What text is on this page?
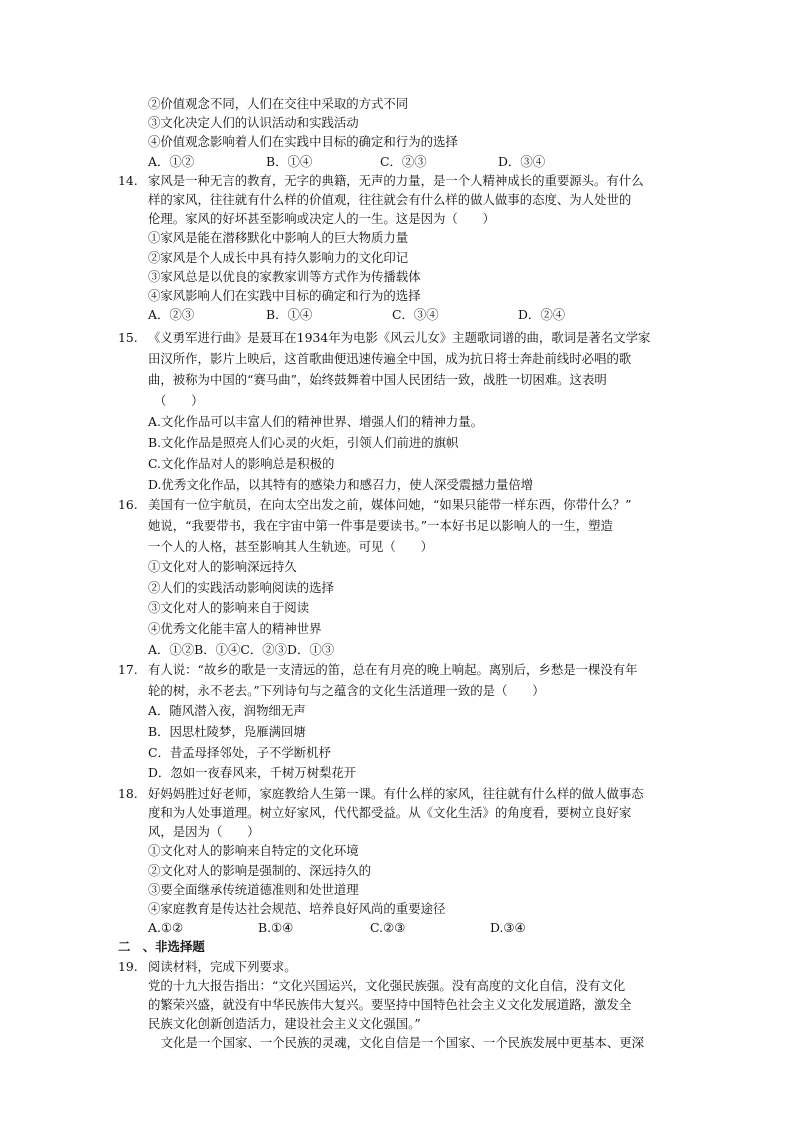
②价值观念不同，人们在交往中采取的方式不同
③文化决定人们的认识活动和实践活动
④价值观念影响着人们在实践中目标的确定和行为的选择
A．①②	B．①④	C．②③	D．③④
14. 家风是一种无言的教育，无字的典籍，无声的力量，是一个人精神成长的重要源头。有什么
样的家风，往往就有什么样的价值观，往往就会有什么样的做人做事的态度、为人处世的
伦理。家风的好坏甚至影响或决定人的一生。这是因为（　　）
①家风是能在潜移默化中影响人的巨大物质力量
②家风是个人成长中具有持久影响力的文化印记
③家风总是以优良的家教家训等方式作为传播载体
④家风影响人们在实践中目标的确定和行为的选择
A．②③	B．①④	C．③④	D．②④
15. 《义勇军进行曲》是聂耳在1934年为电影《风云儿女》主题歌词谱的曲，歌词是著名文学家
田汉所作，影片上映后，这首歌曲便迅速传遍全中国，成为抗日将士奔赴前线时必唱的歌
曲，被称为中国的“赛马曲”，始终鼓舞着中国人民团结一致，战胜一切困难。这表明
（　　）
A.文化作品可以丰富人们的精神世界、增强人们的精神力量。
B.文化作品是照亮人们心灵的火炬，引领人们前进的旗帜
C.文化作品对人的影响总是积极的
D.优秀文化作品，以其特有的感染力和感召力，使人深受震撼力量倍增
16. 美国有一位宇航员，在向太空出发之前，媒体问她，“如果只能带一样东西，你带什么？”
她说，“我要带书，我在宇宙中第一件事是要读书。”一本好书足以影响人的一生，塑造
一个人的人格，甚至影响其人生轨迹。可见（　　）
①文化对人的影响深远持久
②人们的实践活动影响阅读的选择
③文化对人的影响来自于阅读
④优秀文化能丰富人的精神世界
A．①②B．①④C．②③D．①③
17. 有人说：“故乡的歌是一支清远的笛，总在有月亮的晚上响起。离别后，乡愁是一棵没有年
轮的树，永不老去。”下列诗句与之蕴含的文化生活道理一致的是（　　）
A．随风潜入夜，润物细无声
B．因思杜陵梦，凫雁满回塘
C．昔孟母择邻处，子不学断机杼
D．忽如一夜春风来，千树万树梨花开
18. 好妈妈胜过好老师，家庭教给人生第一课。有什么样的家风，往往就有什么样的做人做事态
度和为人处事道理。树立好家风，代代都受益。从《文化生活》的角度看，要树立良好家
风，是因为（　　）
①文化对人的影响来自特定的文化环境
②文化对人的影响是强制的、深远持久的
③要全面继承传统道德准则和处世道理
④家庭教育是传达社会规范、培养良好风尚的重要途径
A.①②	B.①④	C.②③	D.③④
二　、非选择题
19. 阅读材料，完成下列要求。
党的十九大报告指出：“文化兴国运兴，文化强民族强。没有高度的文化自信，没有文化
的繁荣兴盛，就没有中华民族伟大复兴。要坚持中国特色社会主义文化发展道路，激发全
民族文化创新创造活力，建设社会主义文化强国。”
　　文化是一个国家、一个民族的灵魂，文化自信是一个国家、一个民族发展中更基本、更深
